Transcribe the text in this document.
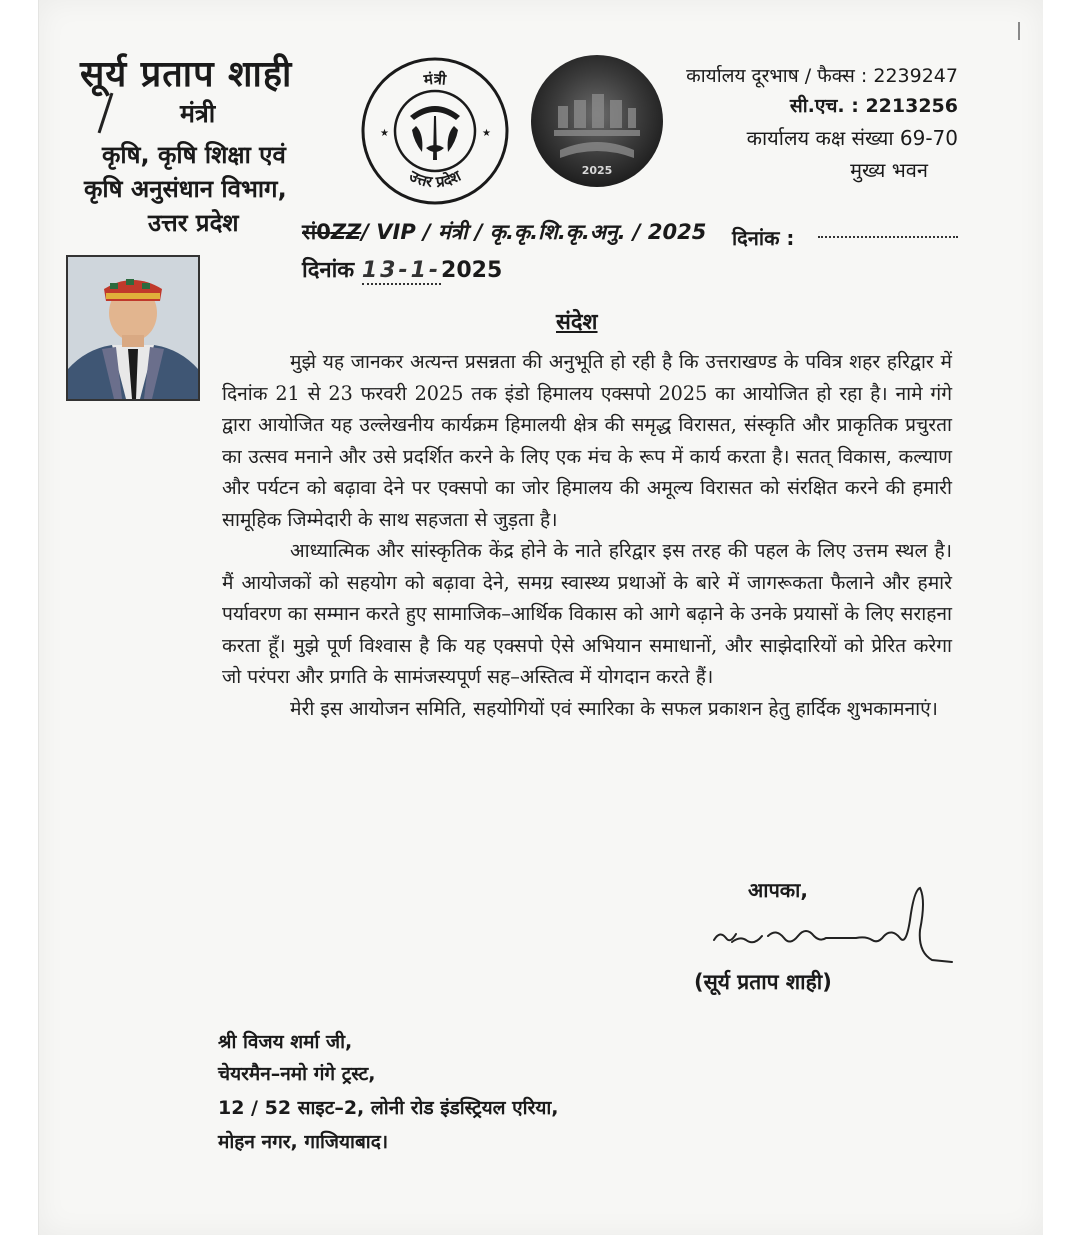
सूर्य प्रताप शाही
मंत्री
कृषि, कृषि शिक्षा एवं
कृषि अनुसंधान विभाग,
उत्तर प्रदेश
मंत्री
उत्तर प्रदेश
★	★
2025
कार्यालय दूरभाष / फैक्स : 2239247
सी.एच. : 2213256
कार्यालय कक्ष संख्या 69-70
मुख्य भवन
सं0ZZ/ VIP / मंत्री / कृ.कृ.शि.कृ.अनु. / 2025 दिनांक :
दिनांक 13-1-2025
संदेश

मुझे यह जानकर अत्यन्त प्रसन्नता की अनुभूति हो रही है कि उत्तराखण्ड के पवित्र शहर हरिद्वार में दिनांक 21 से 23 फरवरी 2025 तक इंडो हिमालय एक्सपो 2025 का आयोजित हो रहा है। नामे गंगे द्वारा आयोजित यह उल्लेखनीय कार्यक्रम हिमालयी क्षेत्र की समृद्ध विरासत, संस्कृति और प्राकृतिक प्रचुरता का उत्सव मनाने और उसे प्रदर्शित करने के लिए एक मंच के रूप में कार्य करता है। सतत् विकास, कल्याण और पर्यटन को बढ़ावा देने पर एक्सपो का जोर हिमालय की अमूल्य विरासत को संरक्षित करने की हमारी सामूहिक जिम्मेदारी के साथ सहजता से जुड़ता है।

आध्यात्मिक और सांस्कृतिक केंद्र होने के नाते हरिद्वार इस तरह की पहल के लिए उत्तम स्थल है। मैं आयोजकों को सहयोग को बढ़ावा देने, समग्र स्वास्थ्य प्रथाओं के बारे में जागरूकता फैलाने और हमारे पर्यावरण का सम्मान करते हुए सामाजिक–आर्थिक विकास को आगे बढ़ाने के उनके प्रयासों के लिए सराहना करता हूँ। मुझे पूर्ण विश्वास है कि यह एक्सपो ऐसे अभियान समाधानों, और साझेदारियों को प्रेरित करेगा जो परंपरा और प्रगति के सामंजस्यपूर्ण सह–अस्तित्व में योगदान करते हैं।

मेरी इस आयोजन समिति, सहयोगियों एवं स्मारिका के सफल प्रकाशन हेतु हार्दिक शुभकामनाएं।

आपका,
(सूर्य प्रताप शाही)
श्री विजय शर्मा जी,
चेयरमैन–नमो गंगे ट्रस्ट,
12 / 52 साइट–2, लोनी रोड इंडस्ट्रियल एरिया,
मोहन नगर, गाजियाबाद।
